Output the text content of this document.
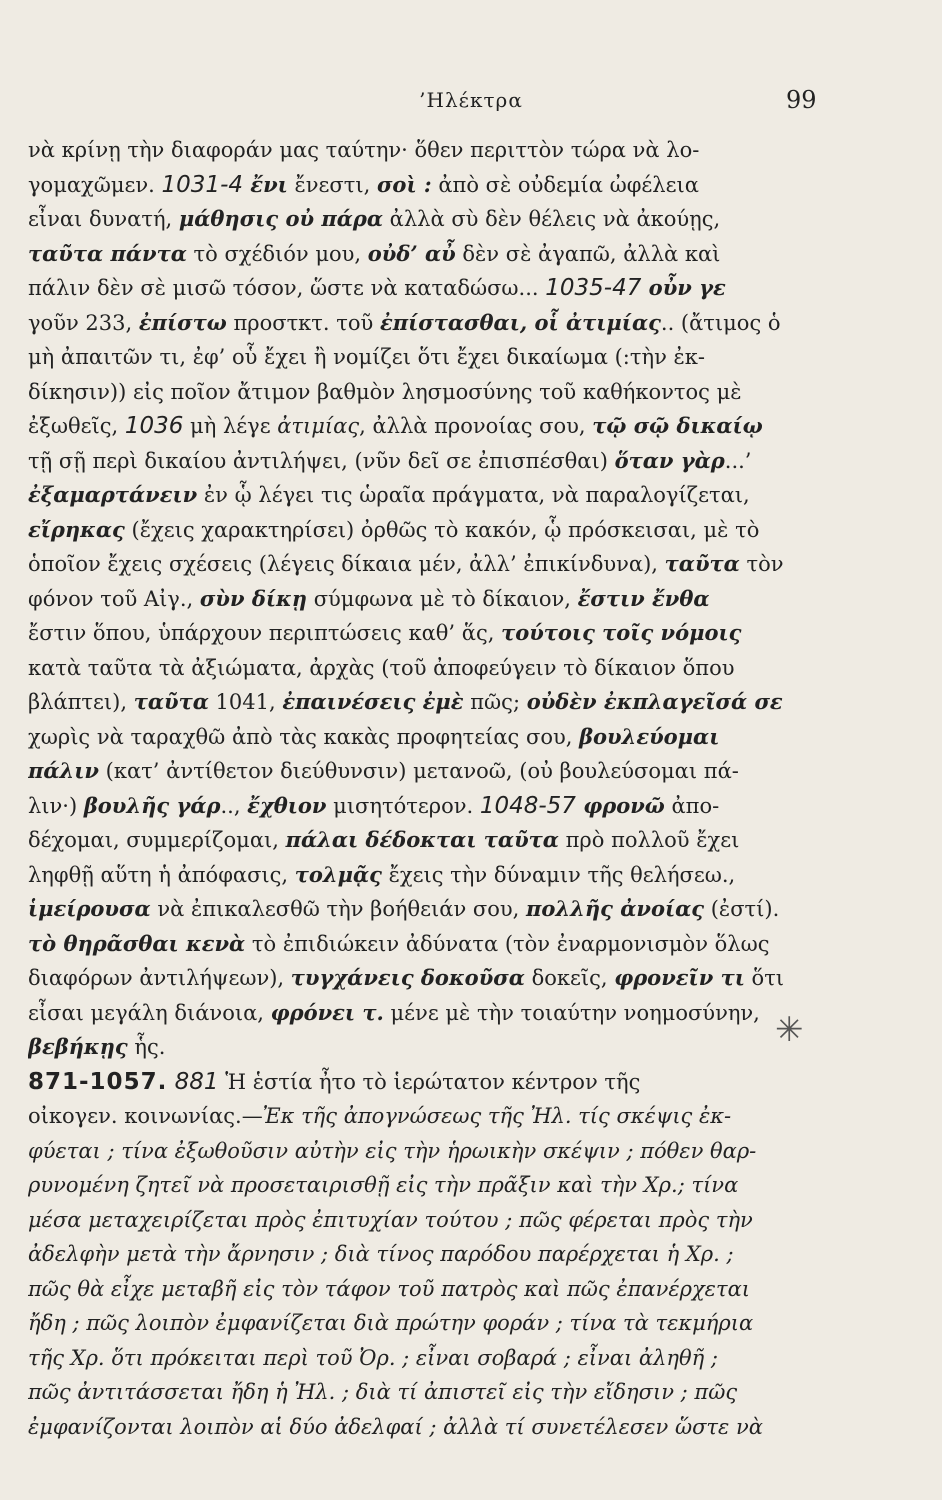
’Ηλέκτρα	99
νὰ κρίνῃ τὴν διαφοράν μας ταύτην· ὅθεν περιττὸν τώρα νὰ λο-
γομαχῶμεν. 1031-4 ἔνι ἔνεστι, σοὶ : ἀπὸ σὲ οὐδεμία ὠφέλεια
εἶναι δυνατή, μάθησις οὐ πάρα ἀλλὰ σὺ δὲν θέλεις νὰ ἀκούῃς,
ταῦτα πάντα τὸ σχέδιόν μου, οὐδ’ αὖ δὲν σὲ ἀγαπῶ, ἀλλὰ καὶ
πάλιν δὲν σὲ μισῶ τόσον, ὥστε νὰ καταδώσω... 1035-47 οὖν γε
γοῦν 233, ἐπίστω προστκτ. τοῦ ἐπίστασθαι, οἷ ἀτιμίας.. (ἄτιμος ὁ
μὴ ἀπαιτῶν τι, ἐφ’ οὗ ἔχει ἢ νομίζει ὅτι ἔχει δικαίωμα (:τὴν ἐκ-
δίκησιν)) εἰς ποῖον ἄτιμον βαθμὸν λησμοσύνης τοῦ καθήκοντος μὲ
ἐξωθεῖς, 1036 μὴ λέγε ἀτιμίας, ἀλλὰ προνοίας σου, τῷ σῷ δικαίῳ
τῇ σῇ περὶ δικαίου ἀντιλήψει, (νῦν δεῖ σε ἐπισπέσθαι) ὅταν γὰρ...’
ἐξαμαρτάνειν ἐν ᾧ λέγει τις ὡραῖα πράγματα, νὰ παραλογίζεται,
εἴρηκας (ἔχεις χαρακτηρίσει) ὀρθῶς τὸ κακόν, ᾧ πρόσκεισαι, μὲ τὸ
ὁποῖον ἔχεις σχέσεις (λέγεις δίκαια μέν, ἀλλ’ ἐπικίνδυνα), ταῦτα τὸν
φόνον τοῦ Αἰγ., σὺν δίκῃ σύμφωνα μὲ τὸ δίκαιον, ἔστιν ἔνθα
ἔστιν ὅπου, ὑπάρχουν περιπτώσεις καθ’ ἅς, τούτοις τοῖς νόμοις
κατὰ ταῦτα τὰ ἀξιώματα, ἀρχὰς (τοῦ ἀποφεύγειν τὸ δίκαιον ὅπου
βλάπτει), ταῦτα 1041, ἐπαινέσεις ἐμὲ πῶς; οὐδὲν ἐκπλαγεῖσά σε
χωρὶς νὰ ταραχθῶ ἀπὸ τὰς κακὰς προφητείας σου, βουλεύομαι
πάλιν (κατ’ ἀντίθετον διεύθυνσιν) μετανοῶ, (οὐ βουλεύσομαι πά-
λιν·) βουλῆς γάρ.., ἔχθιον μισητότερον. 1048-57 φρονῶ ἀπο-
δέχομαι, συμμερίζομαι, πάλαι δέδοκται ταῦτα πρὸ πολλοῦ ἔχει
ληφθῇ αὕτη ἡ ἀπόφασις, τολμᾷς ἔχεις τὴν δύναμιν τῆς θελήσεω.,
ἱμείρουσα νὰ ἐπικαλεσθῶ τὴν βοήθειάν σου, πολλῆς ἀνοίας (ἐστί).
τὸ θηρᾶσθαι κενὰ τὸ ἐπιδιώκειν ἀδύνατα (τὸν ἐναρμονισμὸν ὅλως
διαφόρων ἀντιλήψεων), τυγχάνεις δοκοῦσα δοκεῖς, φρονεῖν τι ὅτι
εἶσαι μεγάλη διάνοια, φρόνει τ. μένε μὲ τὴν τοιαύτην νοημοσύνην,
βεβήκῃς ἧς.
871-1057. 881 Ἡ ἑστία ἦτο τὸ ἱερώτατον κέντρον τῆς
οἰκογεν. κοινωνίας.—Ἐκ τῆς ἀπογνώσεως τῆς Ἠλ. τίς σκέψις ἐκ-
φύεται ; τίνα ἐξωθοῦσιν αὐτὴν εἰς τὴν ἡρωικὴν σκέψιν ; πόθεν θαρ-
ρυνομένη ζητεῖ νὰ προσεταιρισθῇ εἰς τὴν πρᾶξιν καὶ τὴν Χρ.; τίνα
μέσα μεταχειρίζεται πρὸς ἐπιτυχίαν τούτου ; πῶς φέρεται πρὸς τὴν
ἀδελφὴν μετὰ τὴν ἄρνησιν ; διὰ τίνος παρόδου παρέρχεται ἡ Χρ. ;
πῶς θὰ εἶχε μεταβῆ εἰς τὸν τάφον τοῦ πατρὸς καὶ πῶς ἐπανέρχεται
ἤδη ; πῶς λοιπὸν ἐμφανίζεται διὰ πρώτην φοράν ; τίνα τὰ τεκμήρια
τῆς Χρ. ὅτι πρόκειται περὶ τοῦ Ὀρ. ; εἶναι σοβαρά ; εἶναι ἀληθῆ ;
πῶς ἀντιτάσσεται ἤδη ἡ Ἠλ. ; διὰ τί ἀπιστεῖ εἰς τὴν εἴδησιν ; πῶς
ἐμφανίζονται λοιπὸν αἱ δύο ἀδελφαί ; ἀλλὰ τί συνετέλεσεν ὥστε νὰ
✳
